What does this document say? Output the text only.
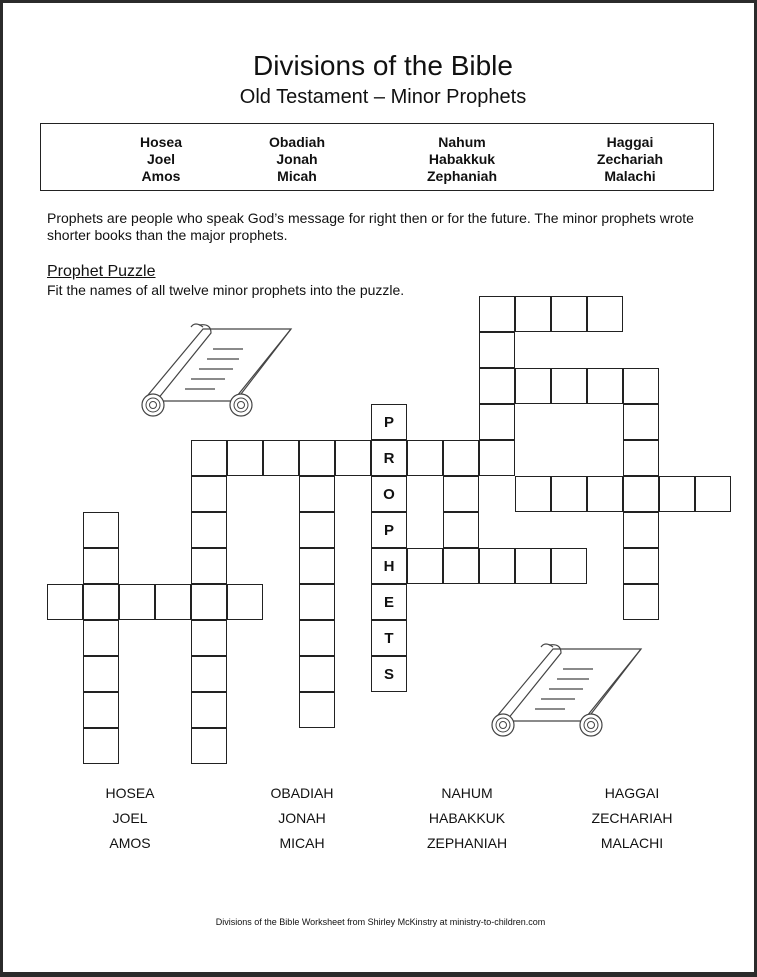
Divisions of the Bible
Old Testament – Minor Prophets
Hosea
Joel
Amos
Obadiah
Jonah
Micah
Nahum
Habakkuk
Zephaniah
Haggai
Zechariah
Malachi
Prophets are people who speak God’s message for right then or for the future. The minor prophets wrote shorter books than the major prophets.
Prophet Puzzle
Fit the names of all twelve minor prophets into the puzzle.
P
R
O
P
H
E
T
S
HOSEA
JOEL
AMOS
OBADIAH
JONAH
MICAH
NAHUM
HABAKKUK
ZEPHANIAH
HAGGAI
ZECHARIAH
MALACHI
Divisions of the Bible Worksheet from Shirley McKinstry at ministry-to-children.com
